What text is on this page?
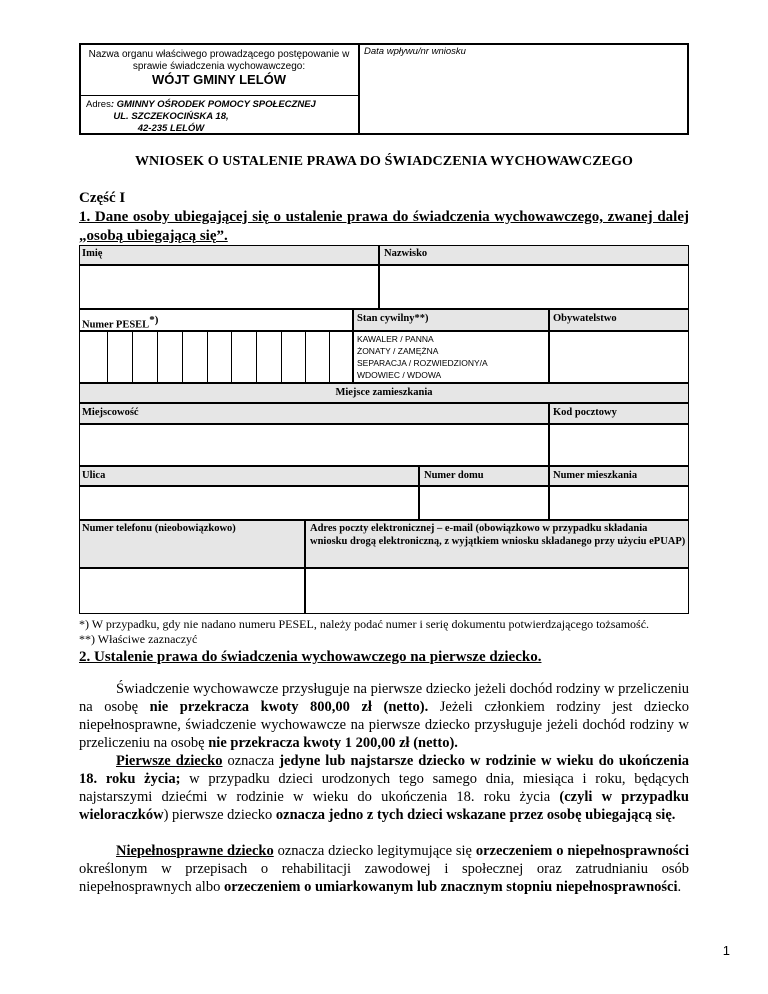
Nazwa organu właściwego prowadzącego postępowanie w sprawie świadczenia wychowawczego:
WÓJT GMINY LELÓW
Data wpływu/nr wniosku
Adres: GMINNY OŚRODEK POMOCY SPOŁECZNEJ
UL. SZCZEKOCIŃSKA 18,
42-235 LELÓW
WNIOSEK O USTALENIE PRAWA DO ŚWIADCZENIA WYCHOWAWCZEGO
Część I
1. Dane osoby ubiegającej się o ustalenie prawa do świadczenia wychowawczego, zwanej dalej „osobą ubiegającą się”.
Imię	Nazwisko
Numer PESEL*)	Stan cywilny**)	Obywatelstwo
KAWALER / PANNA
ŻONATY / ZAMĘŻNA
SEPARACJA / ROZWIEDZIONY/A
WDOWIEC / WDOWA
Miejsce zamieszkania
Miejscowość	Kod pocztowy
Ulica	Numer domu	Numer mieszkania
Numer telefonu (nieobowiązkowo)	Adres poczty elektronicznej – e-mail (obowiązkowo w przypadku składania wniosku drogą elektroniczną, z wyjątkiem wniosku składanego przy użyciu ePUAP)
*) W przypadku, gdy nie nadano numeru PESEL, należy podać numer i serię dokumentu potwierdzającego tożsamość.
**) Właściwe zaznaczyć
2. Ustalenie prawa do świadczenia wychowawczego na pierwsze dziecko.

Świadczenie wychowawcze przysługuje na pierwsze dziecko jeżeli dochód rodziny w przeliczeniu na osobę nie przekracza kwoty 800,00 zł (netto). Jeżeli członkiem rodziny jest dziecko niepełnosprawne, świadczenie wychowawcze na pierwsze dziecko przysługuje jeżeli dochód rodziny w przeliczeniu na osobę nie przekracza kwoty 1 200,00 zł (netto).

Pierwsze dziecko oznacza jedyne lub najstarsze dziecko w rodzinie w wieku do ukończenia 18. roku życia; w przypadku dzieci urodzonych tego samego dnia, miesiąca i roku, będących najstarszymi dziećmi w rodzinie w wieku do ukończenia 18. roku życia (czyli w przypadku wieloraczków) pierwsze dziecko oznacza jedno z tych dzieci wskazane przez osobę ubiegającą się.

Niepełnosprawne dziecko oznacza dziecko legitymujące się orzeczeniem o niepełnosprawności określonym w przepisach o rehabilitacji zawodowej i społecznej oraz zatrudnianiu osób niepełnosprawnych albo orzeczeniem o umiarkowanym lub znacznym stopniu niepełnosprawności.

1
